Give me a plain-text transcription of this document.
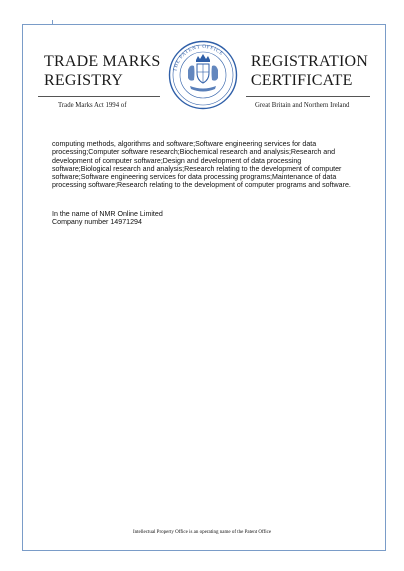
TRADE MARKS
REGISTRY
REGISTRATION
CERTIFICATE
THE PATENT OFFICE
Trade Marks Act 1994 of	Great Britain and Northern Ireland
computing methods, algorithms and software;Software engineering services for data processing;Computer software research;Biochemical research and analysis;Research and development of computer software;Design and development of data processing software;Biological research and analysis;Research relating to the development of computer software;Software engineering services for data processing programs;Maintenance of data processing software;Research relating to the development of computer programs and software.
In the name of NMR Online Limited
Company number 14971294
Intellectual Property Office is an operating name of the Patent Office
